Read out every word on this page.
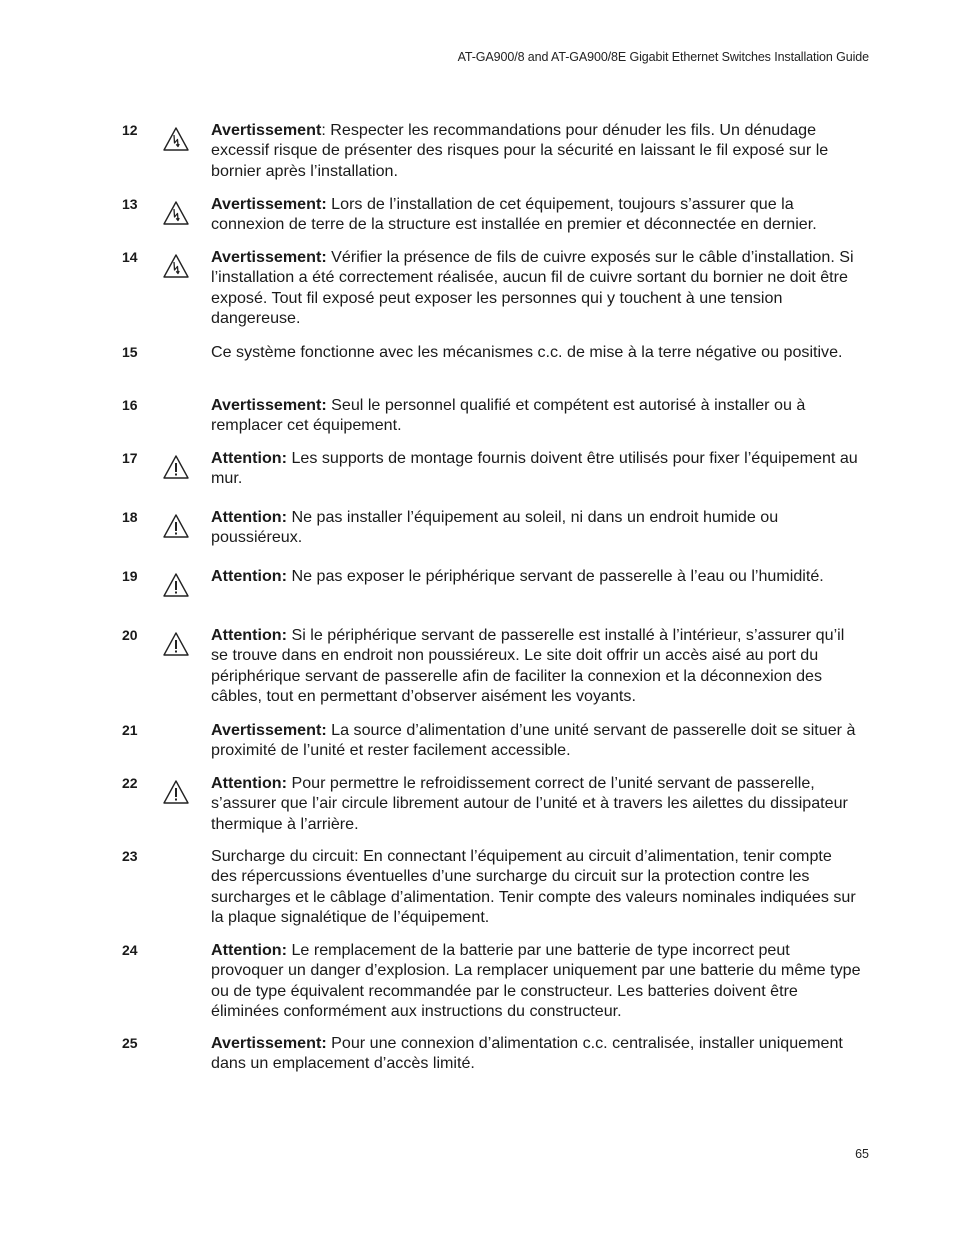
AT-GA900/8 and AT-GA900/8E Gigabit Ethernet Switches Installation Guide
12	Avertissement: Respecter les recommandations pour dénuder les fils. Un dénudage excessif risque de présenter des risques pour la sécurité en laissant le fil exposé sur le bornier après l’installation.
13	Avertissement: Lors de l’installation de cet équipement, toujours s’assurer que la connexion de terre de la structure est installée en premier et déconnectée en dernier.
14	Avertissement: Vérifier la présence de fils de cuivre exposés sur le câble d’installation. Si l’installation a été correctement réalisée, aucun fil de cuivre sortant du bornier ne doit être exposé. Tout fil exposé peut exposer les personnes qui y touchent à une tension dangereuse.
15	Ce système fonctionne avec les mécanismes c.c. de mise à la terre négative ou positive.
16	Avertissement: Seul le personnel qualifié et compétent est autorisé à installer ou à remplacer cet équipement.
17	Attention: Les supports de montage fournis doivent être utilisés pour fixer l’équipement au mur.
18	Attention: Ne pas installer l’équipement au soleil, ni dans un endroit humide ou poussiéreux.
19	Attention: Ne pas exposer le périphérique servant de passerelle à l’eau ou l’humidité.
20	Attention: Si le périphérique servant de passerelle est installé à l’intérieur, s’assurer qu’il se trouve dans en endroit non poussiéreux. Le site doit offrir un accès aisé au port du périphérique servant de passerelle afin de faciliter la connexion et la déconnexion des câbles, tout en permettant d’observer aisément les voyants.
21	Avertissement: La source d’alimentation d’une unité servant de passerelle doit se situer à proximité de l’unité et rester facilement accessible.
22	Attention: Pour permettre le refroidissement correct de l’unité servant de passerelle, s’assurer que l’air circule librement autour de l’unité et à travers les ailettes du dissipateur thermique à l’arrière.
23	Surcharge du circuit: En connectant l’équipement au circuit d’alimentation, tenir compte des répercussions éventuelles d’une surcharge du circuit sur la protection contre les surcharges et le câblage d’alimentation. Tenir compte des valeurs nominales indiquées sur la plaque signalétique de l’équipement.
24	Attention: Le remplacement de la batterie par une batterie de type incorrect peut provoquer un danger d’explosion. La remplacer uniquement par une batterie du même type ou de type équivalent recommandée par le constructeur. Les batteries doivent être éliminées conformément aux instructions du constructeur.
25	Avertissement: Pour une connexion d’alimentation c.c. centralisée, installer uniquement dans un emplacement d’accès limité.
65
